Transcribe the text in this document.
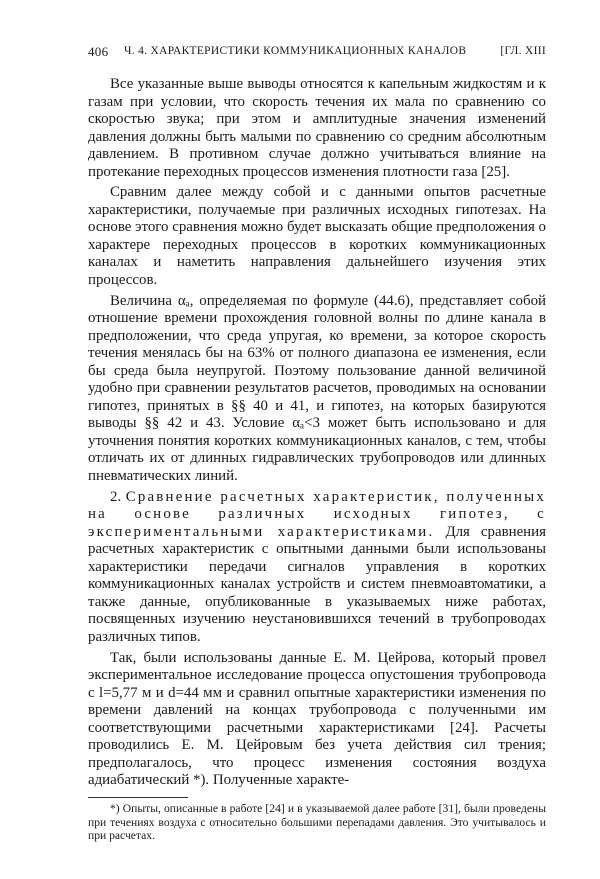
406 Ч. 4. ХАРАКТЕРИСТИКИ КОММУНИКАЦИОННЫХ КАНАЛОВ	[ГЛ. XIII

Все указанные выше выводы относятся к капельным жидкостям и к газам при условии, что скорость течения их мала по сравнению со скоростью звука; при этом и амплитудные значения изменений давления должны быть малыми по сравнению со средним абсолютным давлением. В противном случае должно учитываться влияние на протекание переходных процессов изменения плотности газа [25].

Сравним далее между собой и с данными опытов расчетные характеристики, получаемые при различных исходных гипотезах. На основе этого сравнения можно будет высказать общие предположения о характере переходных процессов в коротких коммуникационных каналах и наметить направления дальнейшего изучения этих процессов.

Величина αₐ, определяемая по формуле (44.6), представляет собой отношение времени прохождения головной волны по длине канала в предположении, что среда упругая, ко времени, за которое скорость течения менялась бы на 63% от полного диапазона ее изменения, если бы среда была неупругой. Поэтому пользование данной величиной удобно при сравнении результатов расчетов, проводимых на основании гипотез, принятых в §§ 40 и 41, и гипотез, на которых базируются выводы §§ 42 и 43. Условие αₐ<3 может быть использовано и для уточнения понятия коротких коммуникационных каналов, с тем, чтобы отличать их от длинных гидравлических трубопроводов или длинных пневматических линий.

2. Сравнение расчетных характеристик, полученных на основе различных исходных гипотез, с экспериментальными характеристиками. Для сравнения расчетных характеристик с опытными данными были использованы характеристики передачи сигналов управления в коротких коммуникационных каналах устройств и систем пневмоавтоматики, а также данные, опубликованные в указываемых ниже работах, посвященных изучению неустановившихся течений в трубопроводах различных типов.

Так, были использованы данные Е. М. Цейрова, который провел экспериментальное исследование процесса опустошения трубопровода с l=5,77 м и d=44 мм и сравнил опытные характеристики изменения по времени давлений на концах трубопровода с полученными им соответствующими расчетными характеристиками [24]. Расчеты проводились Е. М. Цейровым без учета действия сил трения; предполагалось, что процесс изменения состояния воздуха адиабатический *). Полученные характе-

*) Опыты, описанные в работе [24] и в указываемой далее работе [31], были проведены при течениях воздуха с относительно большими перепадами давления. Это учитывалось и при расчетах.
